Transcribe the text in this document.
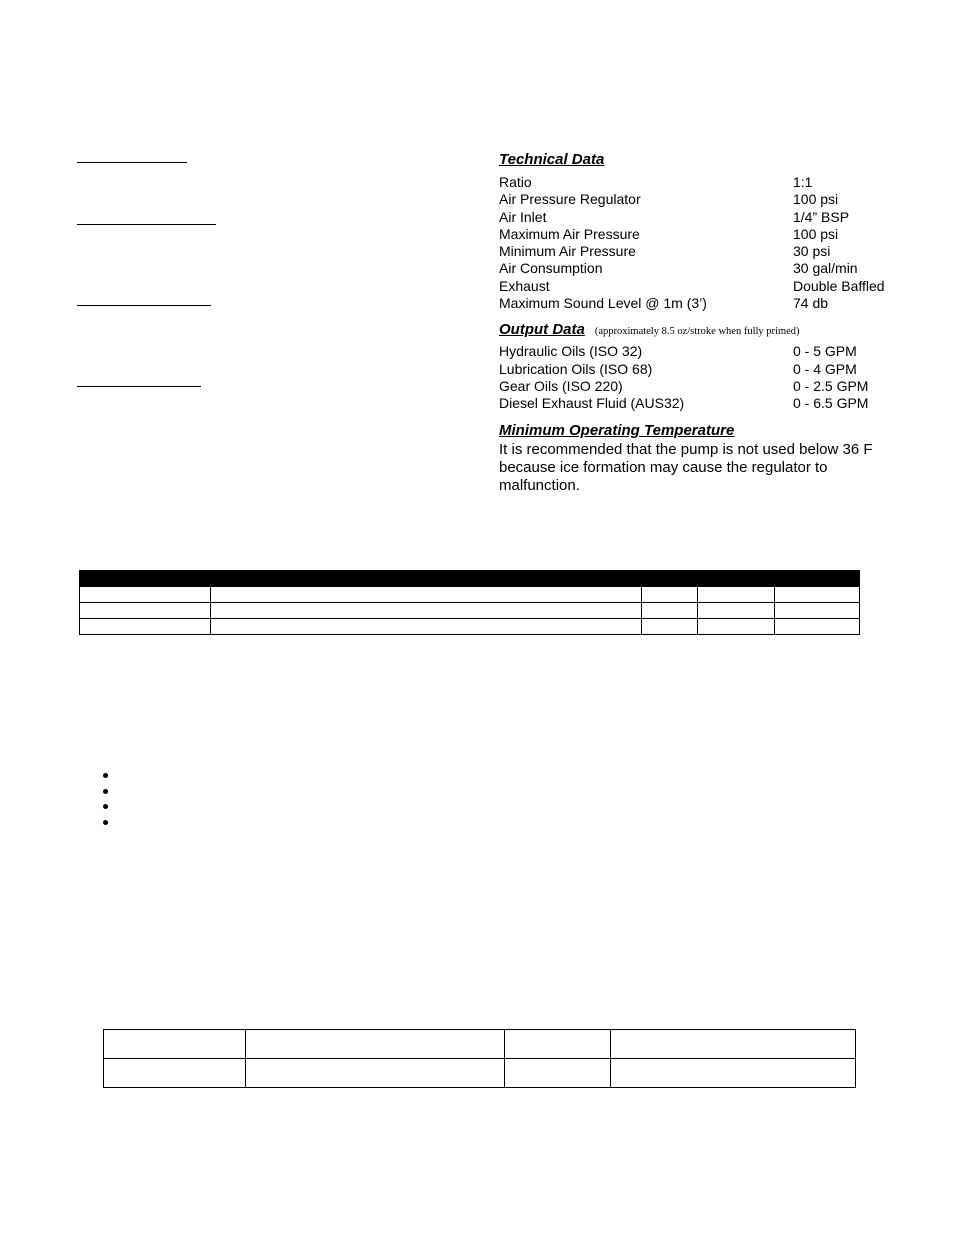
Technical Data
Ratio	1:1
Air Pressure Regulator	100 psi
Air Inlet	1/4” BSP
Maximum Air Pressure	100 psi
Minimum Air Pressure	30 psi
Air Consumption	30 gal/min
Exhaust	Double Baffled
Maximum Sound Level @ 1m (3’)	74 db
Output Data (approximately 8.5 oz/stroke when fully primed)
Hydraulic Oils (ISO 32)	0 - 5 GPM
Lubrication Oils (ISO 68)	0 - 4 GPM
Gear Oils (ISO 220)	0 - 2.5 GPM
Diesel Exhaust Fluid (AUS32)	0 - 6.5 GPM
Minimum Operating Temperature
It is recommended that the pump is not used below 36 F because ice formation may cause the regulator to malfunction.
